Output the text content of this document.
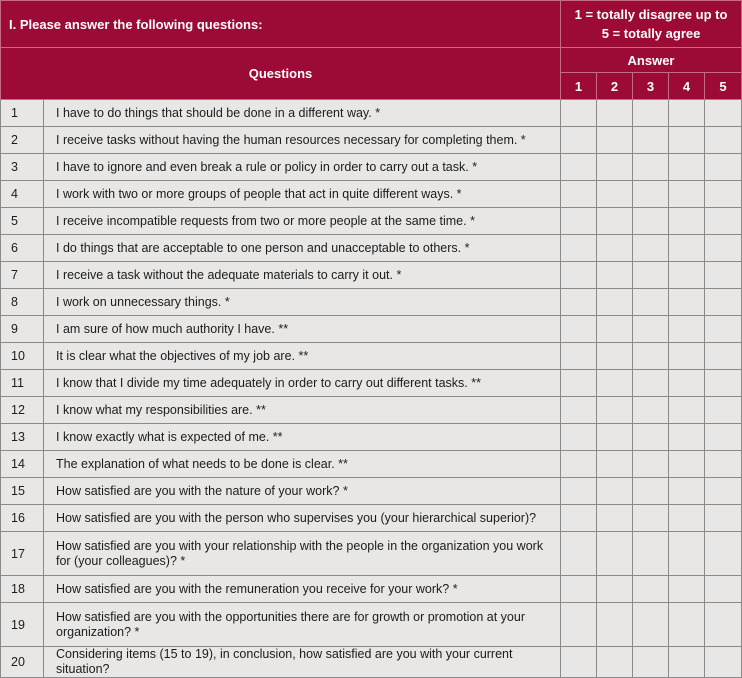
I. Please answer the following questions:		1 = totally disagree up to
5 = totally agree				

Questions		Answer				
		1	2	3	4	5
1	I have to do things that should be done in a different way. *					
2	I receive tasks without having the human resources necessary for completing them. *					
3	I have to ignore and even break a rule or policy in order to carry out a task. *					
4	I work with two or more groups of people that act in quite different ways. *					
5	I receive incompatible requests from two or more people at the same time. *					
6	I do things that are acceptable to one person and unacceptable to others. *					
7	I receive a task without the adequate materials to carry it out. *					
8	I work on unnecessary things. *					
9	I am sure of how much authority I have. **					
10	It is clear what the objectives of my job are. **					
11	I know that I divide my time adequately in order to carry out different tasks. **					
12	I know what my responsibilities are. **					
13	I know exactly what is expected of me. **					
14	The explanation of what needs to be done is clear. **					
15	How satisfied are you with the nature of your work? *					
16	How satisfied are you with the person who supervises you (your hierarchical superior)?					
17	How satisfied are you with your relationship with the people in the organization you work for (your colleagues)? *					
18	How satisfied are you with the remuneration you receive for your work? *					
19	How satisfied are you with the opportunities there are for growth or promotion at your organization? *					
20	Considering items (15 to 19), in conclusion, how satisfied are you with your current situation?					
